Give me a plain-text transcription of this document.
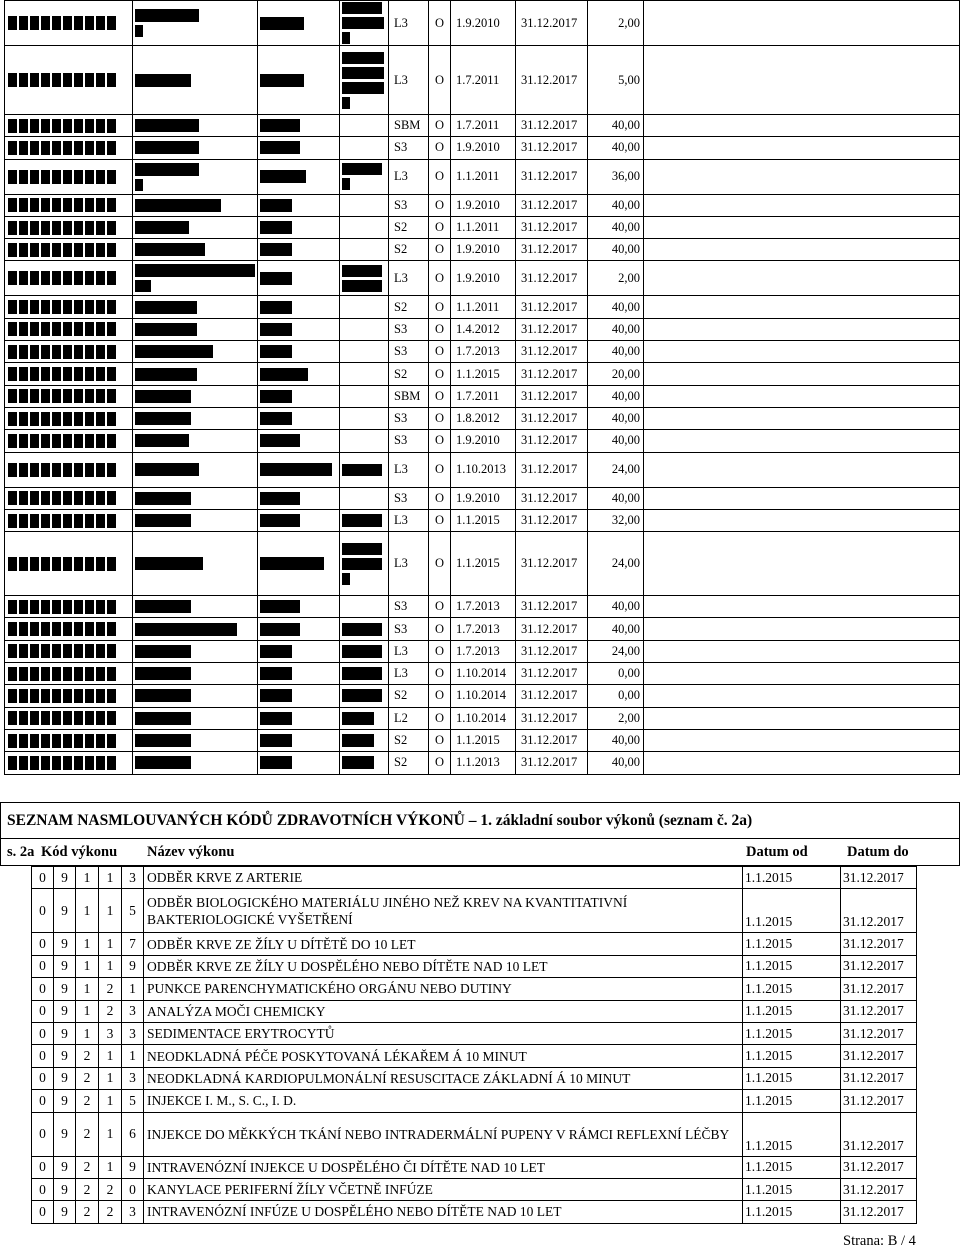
	L3	O	1.9.2010	31.12.2017	2,00	

	L3	O	1.7.2011	31.12.2017	5,00	

	SBM	O	1.7.2011	31.12.2017	40,00	

	S3	O	1.9.2010	31.12.2017	40,00	

	L3	O	1.1.2011	31.12.2017	36,00	

	S3	O	1.9.2010	31.12.2017	40,00	

	S2	O	1.1.2011	31.12.2017	40,00	

	S2	O	1.9.2010	31.12.2017	40,00	

	L3	O	1.9.2010	31.12.2017	2,00	

	S2	O	1.1.2011	31.12.2017	40,00	

	S3	O	1.4.2012	31.12.2017	40,00	

	S3	O	1.7.2013	31.12.2017	40,00	

	S2	O	1.1.2015	31.12.2017	20,00	

	SBM	O	1.7.2011	31.12.2017	40,00	

	S3	O	1.8.2012	31.12.2017	40,00	

	S3	O	1.9.2010	31.12.2017	40,00	

	L3	O	1.10.2013	31.12.2017	24,00	

	S3	O	1.9.2010	31.12.2017	40,00	

	L3	O	1.1.2015	31.12.2017	32,00	

	L3	O	1.1.2015	31.12.2017	24,00	

	S3	O	1.7.2013	31.12.2017	40,00	

	S3	O	1.7.2013	31.12.2017	40,00	

	L3	O	1.7.2013	31.12.2017	24,00	

	L3	O	1.10.2014	31.12.2017	0,00	

	S2	O	1.10.2014	31.12.2017	0,00	

	L2	O	1.10.2014	31.12.2017	2,00	

	S2	O	1.1.2015	31.12.2017	40,00	

	S2	O	1.1.2013	31.12.2017	40,00	
SEZNAM NASMLOUVANÝCH KÓDŮ ZDRAVOTNÍCH VÝKONŮ – 1. základní soubor výkonů (seznam č. 2a)
s. 2a Kód výkonu Název výkonu	Datum od	Datum do
0	9	1	1	3	ODBĚR KRVE Z ARTERIE	1.1.2015	31.12.2017
0	9	1	1	5	ODBĚR BIOLOGICKÉHO MATERIÁLU JINÉHO NEŽ KREV NA KVANTITATIVNÍ BAKTERIOLOGICKÉ VYŠETŘENÍ	1.1.2015	31.12.2017
0	9	1	1	7	ODBĚR KRVE ZE ŽÍLY U DÍTĚTĚ DO 10 LET	1.1.2015	31.12.2017
0	9	1	1	9	ODBĚR KRVE ZE ŽÍLY U DOSPĚLÉHO NEBO DÍTĚTE NAD 10 LET	1.1.2015	31.12.2017
0	9	1	2	1	PUNKCE PARENCHYMATICKÉHO ORGÁNU NEBO DUTINY	1.1.2015	31.12.2017
0	9	1	2	3	ANALÝZA MOČI CHEMICKY	1.1.2015	31.12.2017
0	9	1	3	3	SEDIMENTACE ERYTROCYTŮ	1.1.2015	31.12.2017
0	9	2	1	1	NEODKLADNÁ PÉČE POSKYTOVANÁ LÉKAŘEM Á 10 MINUT	1.1.2015	31.12.2017
0	9	2	1	3	NEODKLADNÁ KARDIOPULMONÁLNÍ RESUSCITACE ZÁKLADNÍ Á 10 MINUT	1.1.2015	31.12.2017
0	9	2	1	5	INJEKCE I. M., S. C., I. D.	1.1.2015	31.12.2017
0	9	2	1	6	INJEKCE DO MĚKKÝCH TKÁNÍ NEBO INTRADERMÁLNÍ PUPENY V RÁMCI REFLEXNÍ LÉČBY	1.1.2015	31.12.2017
0	9	2	1	9	INTRAVENÓZNÍ INJEKCE U DOSPĚLÉHO ČI DÍTĚTE NAD 10 LET	1.1.2015	31.12.2017
0	9	2	2	0	KANYLACE PERIFERNÍ ŽÍLY VČETNĚ INFÚZE	1.1.2015	31.12.2017
0	9	2	2	3	INTRAVENÓZNÍ INFÚZE U DOSPĚLÉHO NEBO DÍTĚTE NAD 10 LET	1.1.2015	31.12.2017
Strana: B / 4
